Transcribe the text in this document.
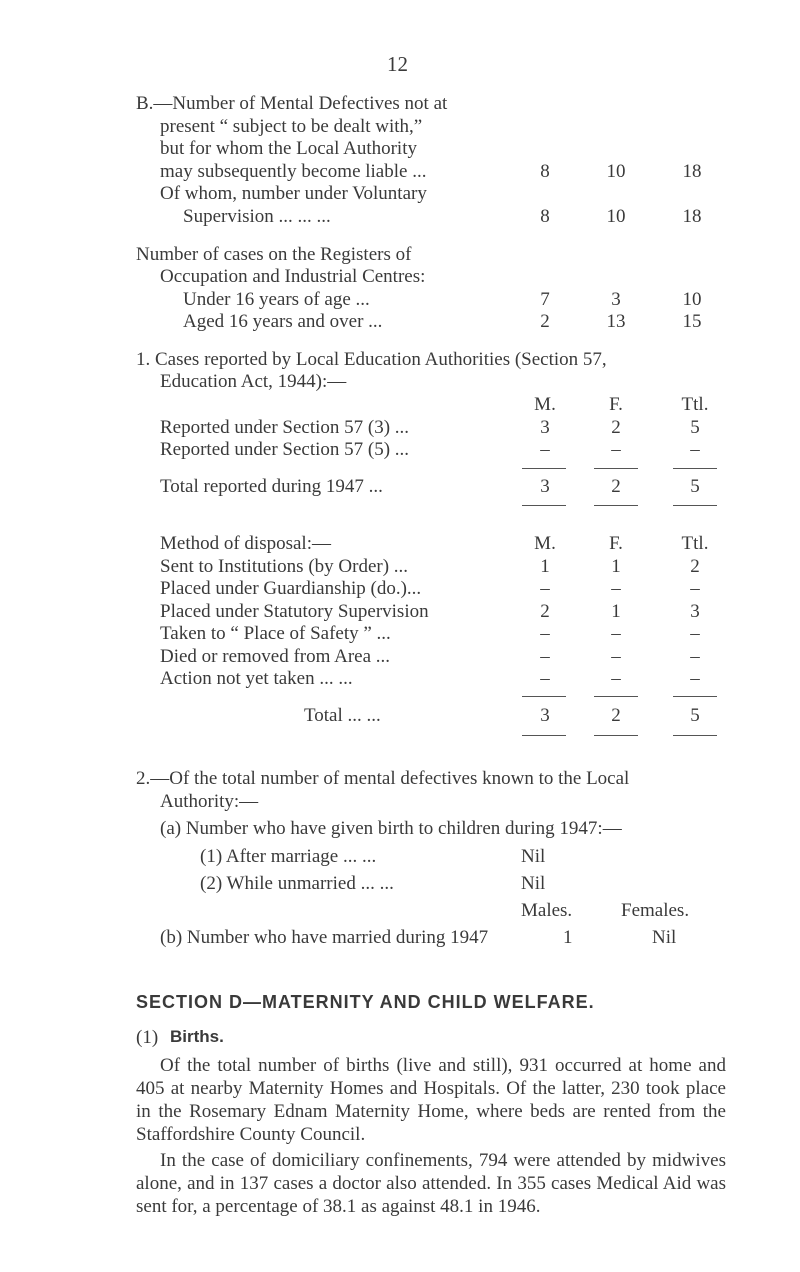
12
B.—Number of Mental Defectives not at
present “ subject to be dealt with,”
but for whom the Local Authority
may subsequently become liable ...	8	10	18
Of whom, number under Voluntary
Supervision ... ... ...	8	10	18
Number of cases on the Registers of
Occupation and Industrial Centres:
Under 16 years of age ...	7	3	10
Aged 16 years and over ...	2	13	15
1. Cases reported by Local Education Authorities (Section 57,
Education Act, 1944):—
M.	F.	Ttl.
Reported under Section 57 (3) ...	3	2	5
Reported under Section 57 (5) ...	–	–	–
Total reported during 1947 ...	3	2	5
Method of disposal:—	M.	F.	Ttl.
Sent to Institutions (by Order) ...	1	1	2
Placed under Guardianship (do.)...	–	–	–
Placed under Statutory Supervision	2	1	3
Taken to “ Place of Safety ” ...	–	–	–
Died or removed from Area ...	–	–	–
Action not yet taken ... ...	–	–	–
Total ... ...	3	2	5
2.—Of the total number of mental defectives known to the Local
Authority:—
(a) Number who have given birth to children during 1947:—
(1) After marriage ... ...	Nil
(2) While unmarried ... ...	Nil
Males.	Females.
(b) Number who have married during 1947	1	Nil
SECTION D—MATERNITY AND CHILD WELFARE.
(1) Births.
Of the total number of births (live and still), 931 occurred at home and 405 at nearby Maternity Homes and Hospitals. Of the latter, 230 took place in the Rosemary Ednam Maternity Home, where beds are rented from the Staffordshire County Council.
In the case of domiciliary confinements, 794 were attended by midwives alone, and in 137 cases a doctor also attended. In 355 cases Medical Aid was sent for, a percentage of 38.1 as against 48.1 in 1946.
